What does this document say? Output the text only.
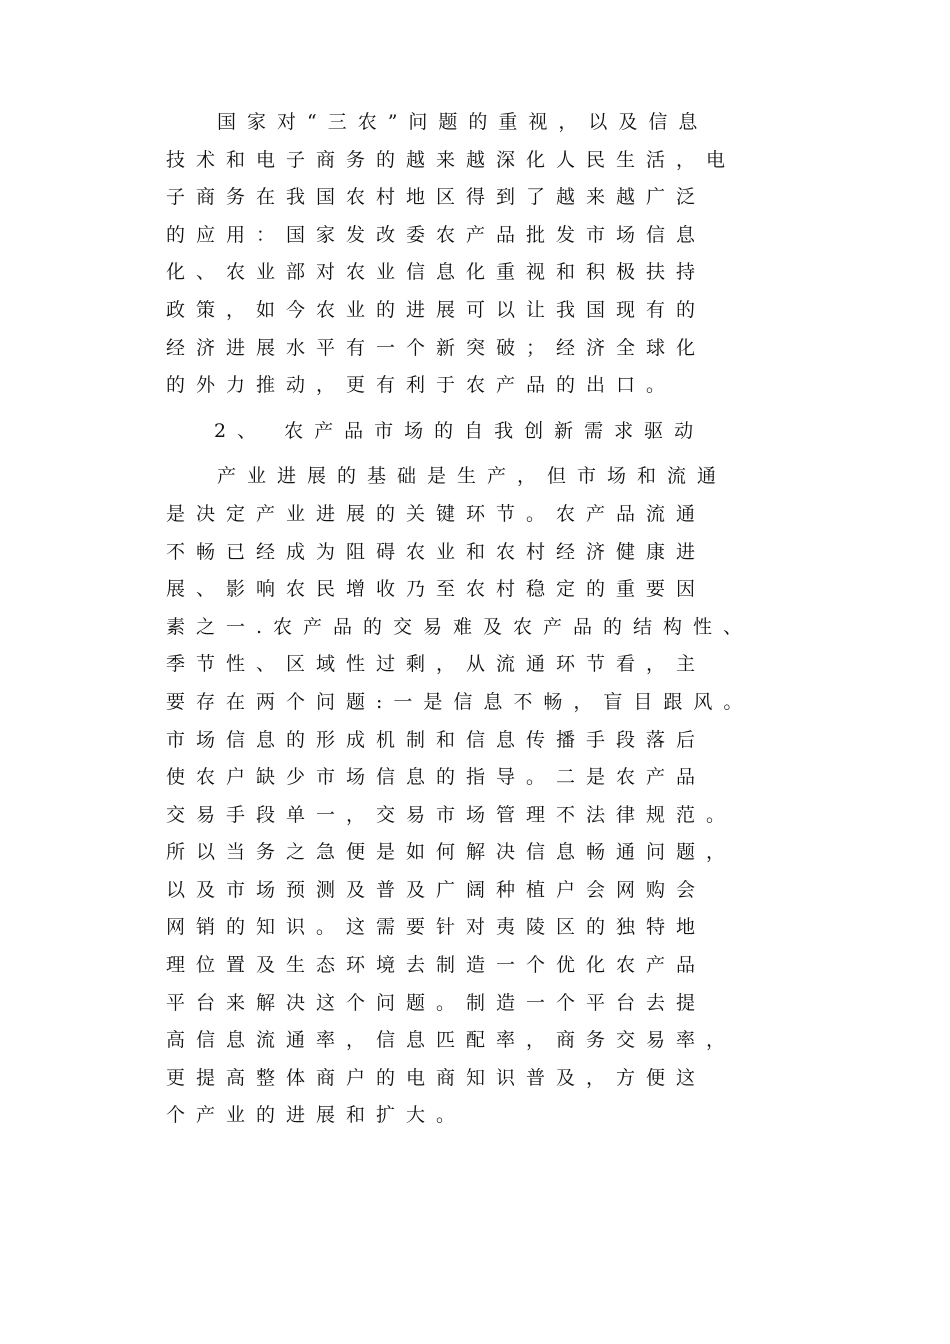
国家对“三农”问题的重视，以及信息
技术和电子商务的越来越深化人民生活，电
子商务在我国农村地区得到了越来越广泛
的应用：国家发改委农产品批发市场信息
化、农业部对农业信息化重视和积极扶持
政策，如今农业的进展可以让我国现有的
经济进展水平有一个新突破；经济全球化
的外力推动，更有利于农产品的出口。
2、 农产品市场的自我创新需求驱动
产业进展的基础是生产，但市场和流通
是决定产业进展的关键环节。农产品流通
不畅已经成为阻碍农业和农村经济健康进
展、影响农民增收乃至农村稳定的重要因
素之一.农产品的交易难及农产品的结构性、
季节性、区域性过剩，从流通环节看，主
要存在两个问题:一是信息不畅，盲目跟风。
市场信息的形成机制和信息传播手段落后
使农户缺少市场信息的指导。二是农产品
交易手段单一，交易市场管理不法律规范。
所以当务之急便是如何解决信息畅通问题，
以及市场预测及普及广阔种植户会网购会
网销的知识。这需要针对夷陵区的独特地
理位置及生态环境去制造一个优化农产品
平台来解决这个问题。制造一个平台去提
高信息流通率，信息匹配率，商务交易率，
更提高整体商户的电商知识普及，方便这
个产业的进展和扩大。
